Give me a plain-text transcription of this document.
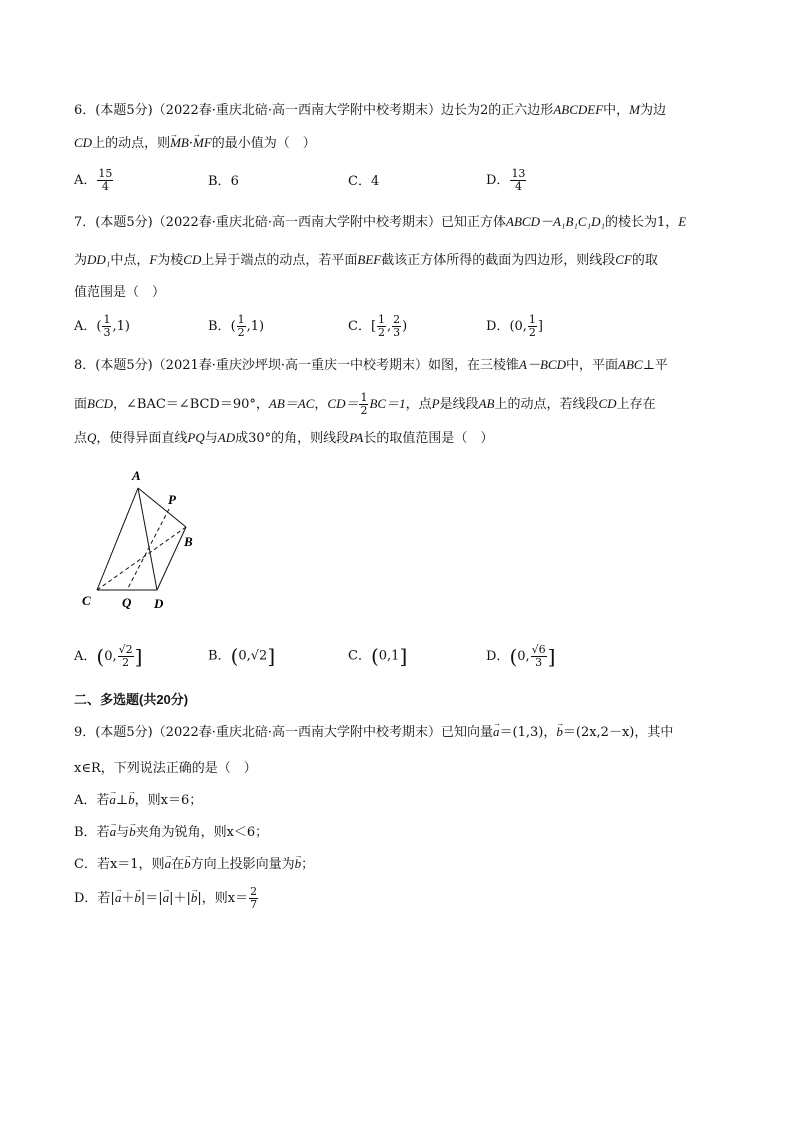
6．(本题5分)（2022春·重庆北碚·高一西南大学附中校考期末）边长为2的正六边形ABCDEF中，M为边
CD上的动点，则→ MB·→ MF的最小值为（　）
A． $\frac{15}{4}$	B．6	C．4	D． $\frac{13}{4}$
7．(本题5分)（2022春·重庆北碚·高一西南大学附中校考期末）已知正方体ABCD－A₁B₁C₁D₁的棱长为1，E
为DD₁中点，F为棱CD上异于端点的动点，若平面BEF截该正方体所得的截面为四边形，则线段CF的取
值范围是（　）
A．( $\frac{1}{3} ,1$)	B．( $\frac{1}{2} ,1$)	C．[ $\frac{1}{2}$ , $\frac{2}{3}$ )	D．(0, $\frac{1}{2}$ ]
8．(本题5分)（2021春·重庆沙坪坝·高一重庆一中校考期末）如图，在三棱锥A－BCD中，平面ABC⊥平
面BCD，∠BAC＝∠BCD＝90°，AB＝AC，$CD= \frac{1}{2} BC=1$，点P是线段AB上的动点，若线段CD上存在
点Q，使得异面直线PQ与AD成30°的角，则线段PA长的取值范围是（　）
A
P
B
C Q D
A．(0, $\frac{√2}{2}$ ]	B．(0,√2]	C．(0,1]	D．(0, $\frac{√6}{3}$ ]
二、多选题(共20分)
9．(本题5分)（2022春·重庆北碚·高一西南大学附中校考期末）已知向量→ a＝(1,3)，→ b＝(2x,2－x)，其中
x∈R，下列说法正确的是（　）
A．若→ a⊥→ b，则x＝6；
B．若→ a与→ b夹角为锐角，则x＜6；
C．若x＝1，则→ a在→ b方向上投影向量为→ b；
D．若|→ a＋→ b|＝|→ a|＋|→ b|，则$x= \frac{2}{7}$
